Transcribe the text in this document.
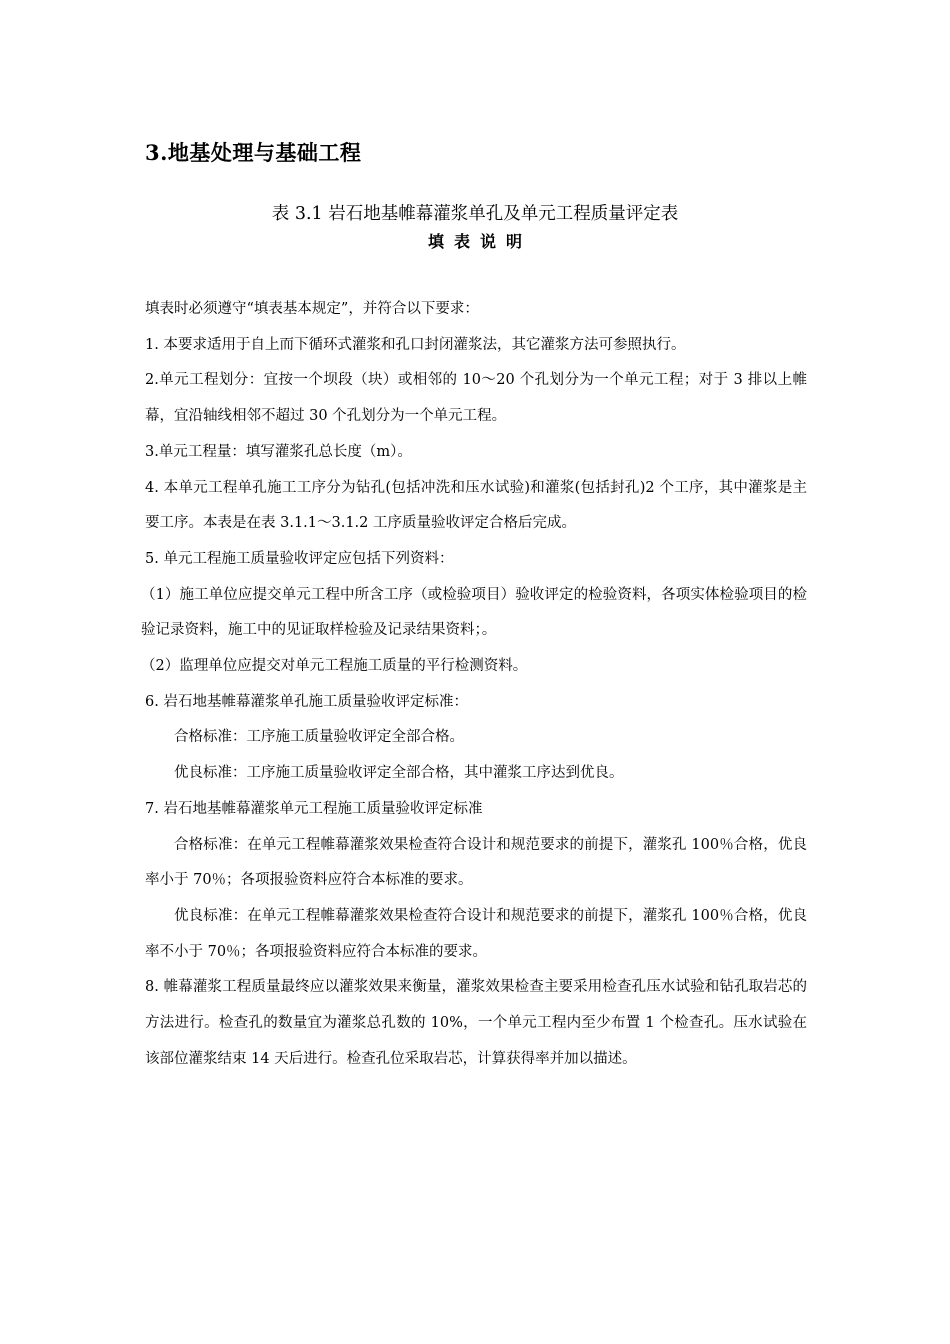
3.地基处理与基础工程
表 3.1 岩石地基帷幕灌浆单孔及单元工程质量评定表
填表说明

填表时必须遵守“填表基本规定”，并符合以下要求：

1. 本要求适用于自上而下循环式灌浆和孔口封闭灌浆法，其它灌浆方法可参照执行。

2.单元工程划分：宜按一个坝段（块）或相邻的 10～20 个孔划分为一个单元工程；对于 3 排以上帷幕，宜沿轴线相邻不超过 30 个孔划分为一个单元工程。

3.单元工程量：填写灌浆孔总长度（m）。

4. 本单元工程单孔施工工序分为钻孔(包括冲洗和压水试验)和灌浆(包括封孔)2 个工序，其中灌浆是主要工序。本表是在表 3.1.1～3.1.2 工序质量验收评定合格后完成。

5. 单元工程施工质量验收评定应包括下列资料：

（1）施工单位应提交单元工程中所含工序（或检验项目）验收评定的检验资料，各项实体检验项目的检验记录资料，施工中的见证取样检验及记录结果资料；。

（2）监理单位应提交对单元工程施工质量的平行检测资料。

6. 岩石地基帷幕灌浆单孔施工质量验收评定标准：

合格标准：工序施工质量验收评定全部合格。

优良标准：工序施工质量验收评定全部合格，其中灌浆工序达到优良。

7. 岩石地基帷幕灌浆单元工程施工质量验收评定标准

合格标准：在单元工程帷幕灌浆效果检查符合设计和规范要求的前提下，灌浆孔 100％合格，优良率小于 70％；各项报验资料应符合本标准的要求。

优良标准：在单元工程帷幕灌浆效果检查符合设计和规范要求的前提下，灌浆孔 100％合格，优良率不小于 70％；各项报验资料应符合本标准的要求。

8. 帷幕灌浆工程质量最终应以灌浆效果来衡量，灌浆效果检查主要采用检查孔压水试验和钻孔取岩芯的方法进行。检查孔的数量宜为灌浆总孔数的 10%，一个单元工程内至少布置 1 个检查孔。压水试验在该部位灌浆结束 14 天后进行。检查孔位采取岩芯，计算获得率并加以描述。
